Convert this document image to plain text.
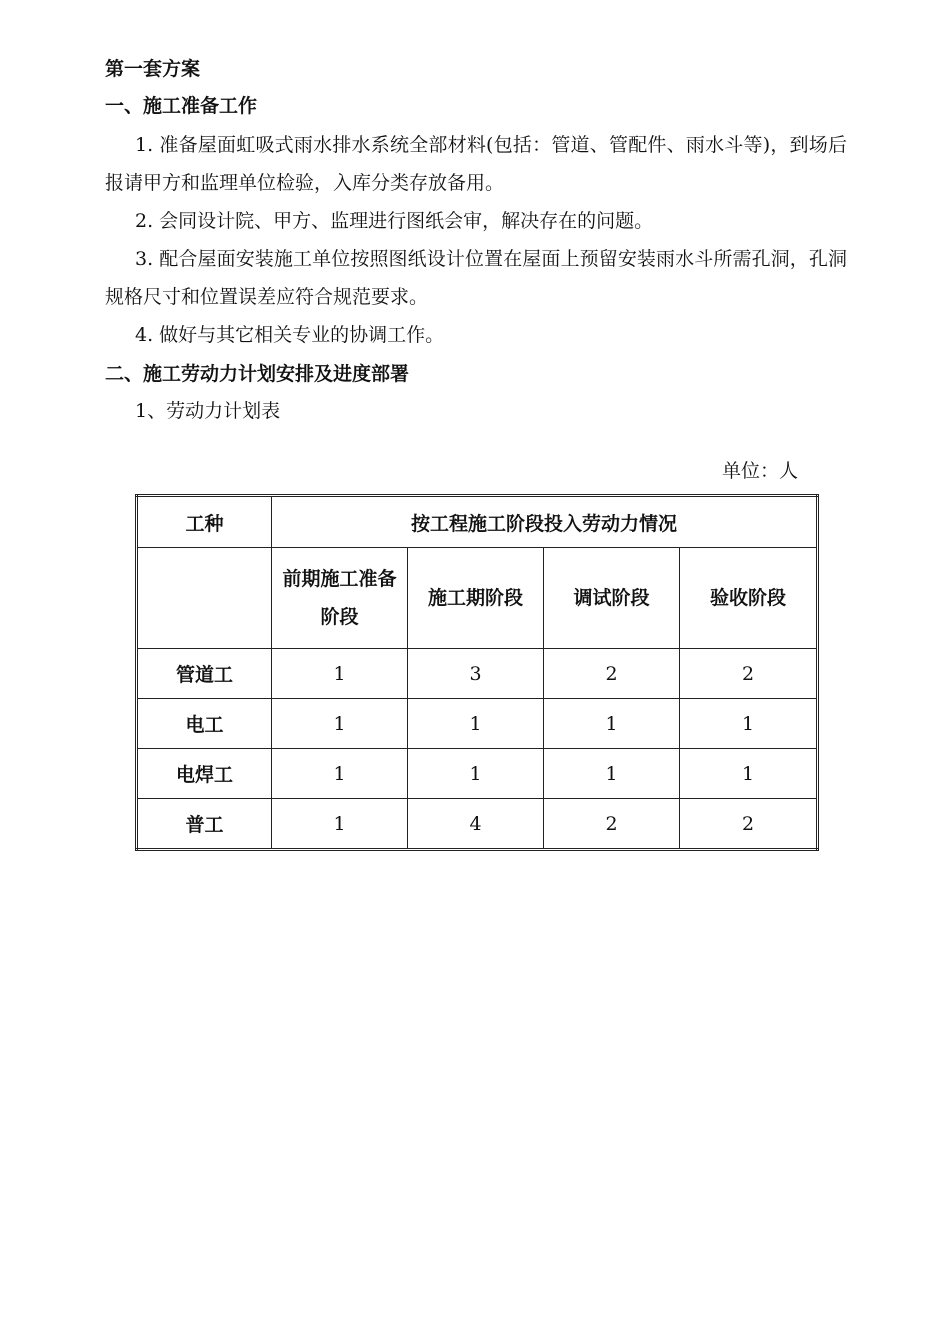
第一套方案
一、施工准备工作
1. 准备屋面虹吸式雨水排水系统全部材料(包括：管道、管配件、雨水斗等)，到场后报请甲方和监理单位检验，入库分类存放备用。
2. 会同设计院、甲方、监理进行图纸会审，解决存在的问题。
3. 配合屋面安装施工单位按照图纸设计位置在屋面上预留安装雨水斗所需孔洞，孔洞规格尺寸和位置误差应符合规范要求。
4. 做好与其它相关专业的协调工作。
二、施工劳动力计划安排及进度部署
1、劳动力计划表
单位：人
工种	按工程施工阶段投入劳动力情况			
	前期施工准备阶段	施工期阶段	调试阶段	验收阶段
管道工	1	3	2	2
电工	1	1	1	1
电焊工	1	1	1	1
普工	1	4	2	2
